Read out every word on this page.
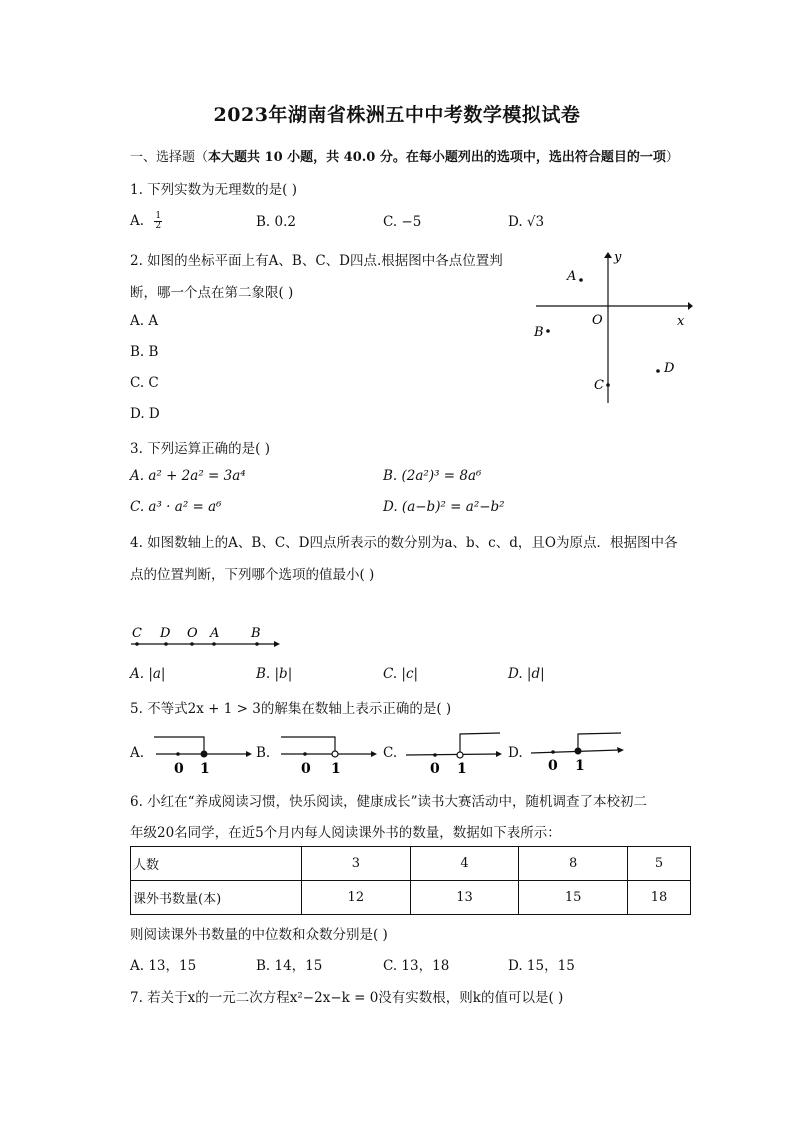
2023年湖南省株洲五中中考数学模拟试卷
一、选择题（本大题共 10 小题，共 40.0 分。在每小题列出的选项中，选出符合题目的一项）
1. 下列实数为无理数的是( )
A. $\frac{1}{2}$	B. 0.2	C. −5	D. √3
2. 如图的坐标平面上有A、B、C、D四点.根据图中各点位置判
断，哪一个点在第二象限( )
A. A
B. B
C. C
D. D
y
x
O
A
B
C
D
3. 下列运算正确的是( )
A. a² + 2a² = 3a⁴	B. (2a²)³ = 8a⁶
C. a³ · a² = a⁶	D. (a−b)² = a²−b²
4. 如图数轴上的A、B、C、D四点所表示的数分别为a、b、c、d，且O为原点．根据图中各
点的位置判断，下列哪个选项的值最小( )
C D O A B
A. |a|	B. |b|	C. |c|	D. |d|
5. 不等式2x + 1 > 3的解集在数轴上表示正确的是( )
A.
0 1
B.
0 1
C.
0 1
D.
0 1
6. 小红在“养成阅读习惯，快乐阅读，健康成长”读书大赛活动中，随机调查了本校初二
年级20名同学，在近5个月内每人阅读课外书的数量，数据如下表所示：
人数	3	4	8	5
课外书数量(本)	12	13	15	18
则阅读课外书数量的中位数和众数分别是( )
A. 13，15	B. 14，15	C. 13，18	D. 15，15
7. 若关于x的一元二次方程x²−2x−k = 0没有实数根，则k的值可以是( )
